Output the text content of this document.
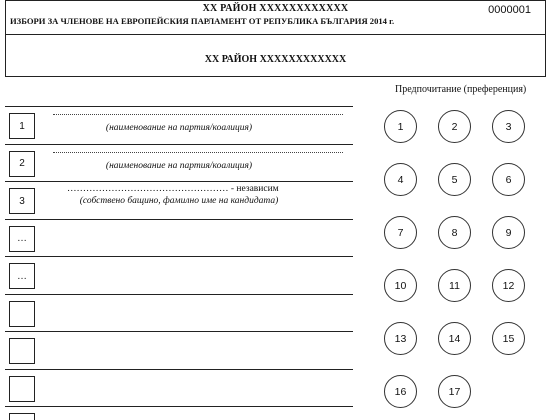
ХХ РАЙОН ХХХХХХХХХХХХ	0000001
ИЗБОРИ ЗА ЧЛЕНОВЕ НА ЕВРОПЕЙСКИЯ ПАРЛАМЕНТ ОТ РЕПУБЛИКА БЪЛГАРИЯ 2014 г.
ХХ РАЙОН ХХХХХХХХХХХХ
Предпочитание (преференция)
1	(наименование на партия/коалиция)
2	(наименование на партия/коалиция)
3
…………………………………………… - независим
(собствено бащино, фамилно име на кандидата)
…
…
1	2	3
4	5	6
7	8	9
10	11	12
13	14	15
16	17
